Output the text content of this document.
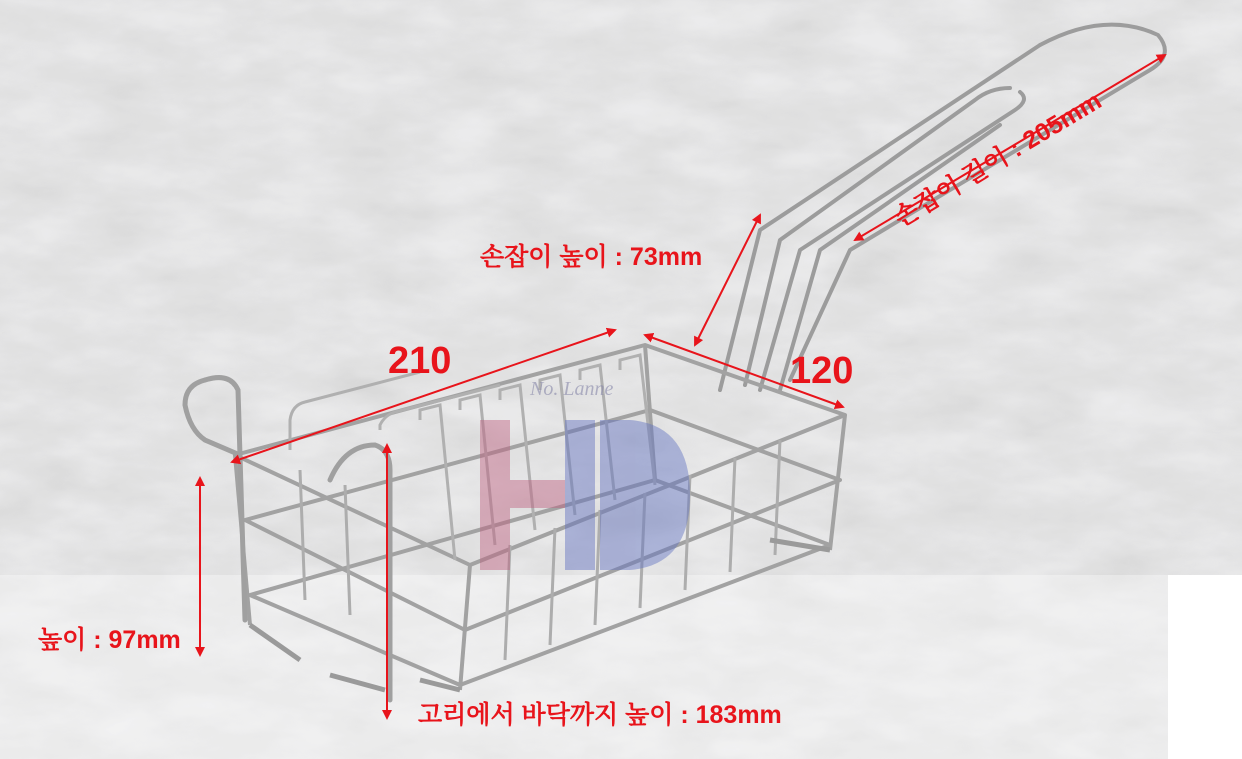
No. Lanne
210	120
손잡이 높이 : 73mm
손잡이 길이 : 205mm
높이 : 97mm
고리에서 바닥까지 높이 : 183mm
